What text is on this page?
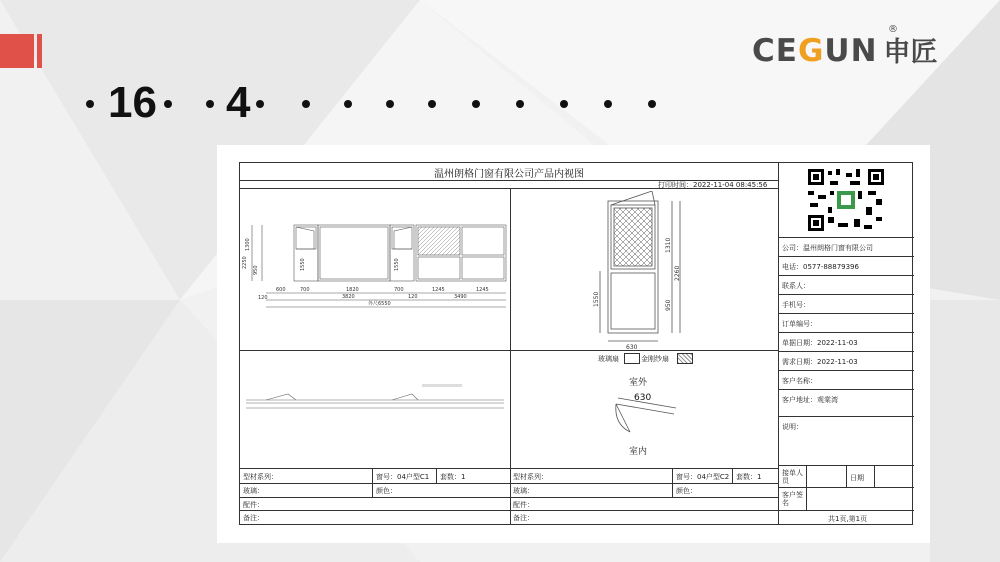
CEGUN
®
申匠
16 4
温州朗格门窗有限公司产品内视图
打印时间：2022-11-04 08:45:56
1300
2250
950	1550	1550
120
600	700	1820	700	1245	1245
3820	3490
120
外尺6550
1310
2260
1550	950
630
玻璃扇	金刚纱扇
室外
630
室内
型材系列：	窗号：04户型C1 套数：1
玻璃：	颜色：
配件：
备注：
型材系列：	窗号：04户型C2 套数：1
玻璃：	颜色：
配件：
备注：
公司：温州朗格门窗有限公司
电话：0577-88879396
联系人：
手机号：
订单编号：
单据日期：2022-11-03
需求日期：2022-11-03
客户名称：
客户地址：观棠湾
说明：
接单人员	日期
客户签名
共1页,第1页
